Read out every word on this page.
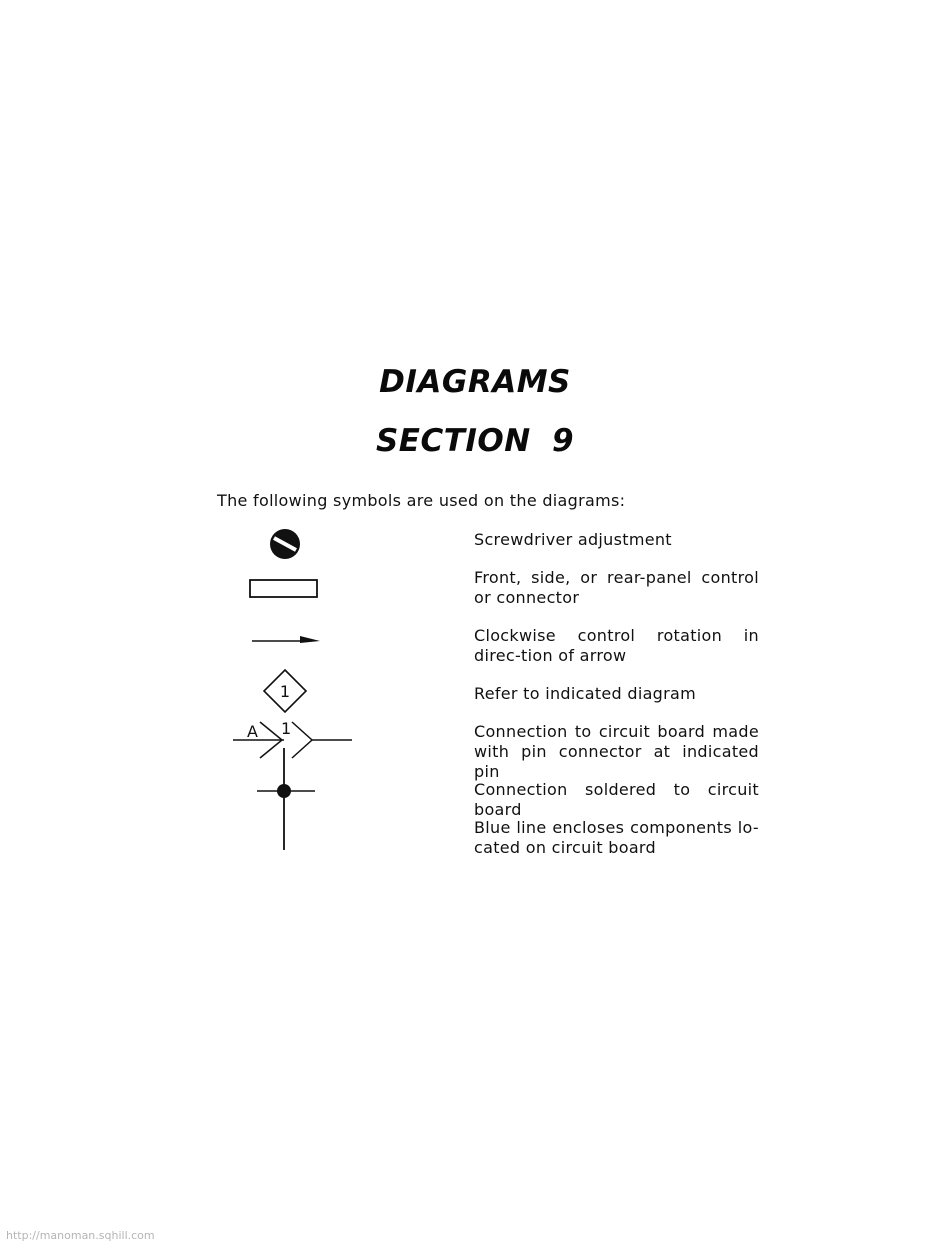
DIAGRAMS
SECTION 9
The following symbols are used on the diagrams:
Screwdriver adjustment
Front, side, or rear-panel control or connector
Clockwise control rotation in direc-tion of arrow
1	Refer to indicated diagram
A 1	Connection to circuit board made with pin connector at indicated pin
Connection soldered to circuit board
Blue line encloses components lo-cated on circuit board
http://manoman.sqhill.com
